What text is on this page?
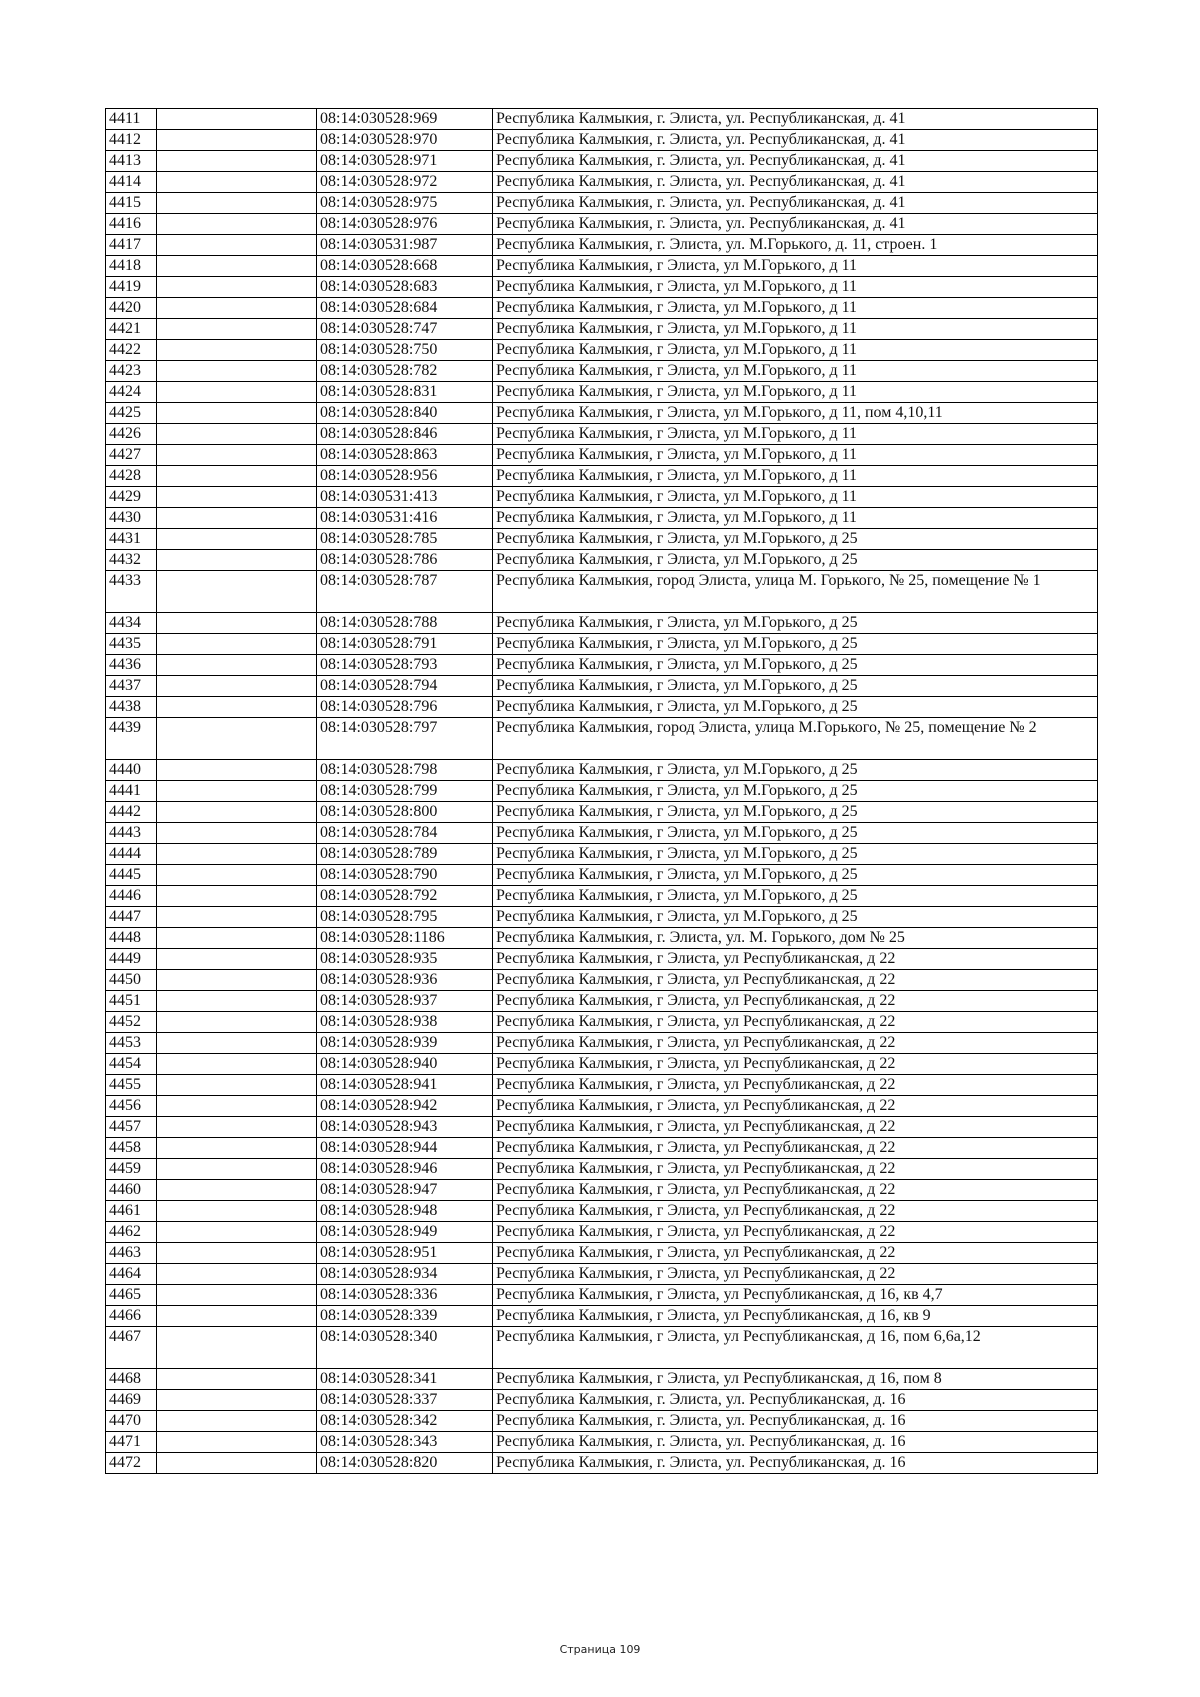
4411		08:14:030528:969	Республика Калмыкия, г. Элиста, ул. Республиканская, д. 41
4412		08:14:030528:970	Республика Калмыкия, г. Элиста, ул. Республиканская, д. 41
4413		08:14:030528:971	Республика Калмыкия, г. Элиста, ул. Республиканская, д. 41
4414		08:14:030528:972	Республика Калмыкия, г. Элиста, ул. Республиканская, д. 41
4415		08:14:030528:975	Республика Калмыкия, г. Элиста, ул. Республиканская, д. 41
4416		08:14:030528:976	Республика Калмыкия, г. Элиста, ул. Республиканская, д. 41
4417		08:14:030531:987	Республика Калмыкия, г. Элиста, ул. М.Горького, д. 11, строен. 1
4418		08:14:030528:668	Республика Калмыкия, г Элиста, ул М.Горького, д 11
4419		08:14:030528:683	Республика Калмыкия, г Элиста, ул М.Горького, д 11
4420		08:14:030528:684	Республика Калмыкия, г Элиста, ул М.Горького, д 11
4421		08:14:030528:747	Республика Калмыкия, г Элиста, ул М.Горького, д 11
4422		08:14:030528:750	Республика Калмыкия, г Элиста, ул М.Горького, д 11
4423		08:14:030528:782	Республика Калмыкия, г Элиста, ул М.Горького, д 11
4424		08:14:030528:831	Республика Калмыкия, г Элиста, ул М.Горького, д 11
4425		08:14:030528:840	Республика Калмыкия, г Элиста, ул М.Горького, д 11, пом 4,10,11
4426		08:14:030528:846	Республика Калмыкия, г Элиста, ул М.Горького, д 11
4427		08:14:030528:863	Республика Калмыкия, г Элиста, ул М.Горького, д 11
4428		08:14:030528:956	Республика Калмыкия, г Элиста, ул М.Горького, д 11
4429		08:14:030531:413	Республика Калмыкия, г Элиста, ул М.Горького, д 11
4430		08:14:030531:416	Республика Калмыкия, г Элиста, ул М.Горького, д 11
4431		08:14:030528:785	Республика Калмыкия, г Элиста, ул М.Горького, д 25
4432		08:14:030528:786	Республика Калмыкия, г Элиста, ул М.Горького, д 25
4433		08:14:030528:787	Республика Калмыкия, город Элиста, улица М. Горького, № 25, помещение № 1
4434		08:14:030528:788	Республика Калмыкия, г Элиста, ул М.Горького, д 25
4435		08:14:030528:791	Республика Калмыкия, г Элиста, ул М.Горького, д 25
4436		08:14:030528:793	Республика Калмыкия, г Элиста, ул М.Горького, д 25
4437		08:14:030528:794	Республика Калмыкия, г Элиста, ул М.Горького, д 25
4438		08:14:030528:796	Республика Калмыкия, г Элиста, ул М.Горького, д 25
4439		08:14:030528:797	Республика Калмыкия, город Элиста, улица М.Горького, № 25, помещение № 2
4440		08:14:030528:798	Республика Калмыкия, г Элиста, ул М.Горького, д 25
4441		08:14:030528:799	Республика Калмыкия, г Элиста, ул М.Горького, д 25
4442		08:14:030528:800	Республика Калмыкия, г Элиста, ул М.Горького, д 25
4443		08:14:030528:784	Республика Калмыкия, г Элиста, ул М.Горького, д 25
4444		08:14:030528:789	Республика Калмыкия, г Элиста, ул М.Горького, д 25
4445		08:14:030528:790	Республика Калмыкия, г Элиста, ул М.Горького, д 25
4446		08:14:030528:792	Республика Калмыкия, г Элиста, ул М.Горького, д 25
4447		08:14:030528:795	Республика Калмыкия, г Элиста, ул М.Горького, д 25
4448		08:14:030528:1186	Республика Калмыкия, г. Элиста, ул. М. Горького, дом № 25
4449		08:14:030528:935	Республика Калмыкия, г Элиста, ул Республиканская, д 22
4450		08:14:030528:936	Республика Калмыкия, г Элиста, ул Республиканская, д 22
4451		08:14:030528:937	Республика Калмыкия, г Элиста, ул Республиканская, д 22
4452		08:14:030528:938	Республика Калмыкия, г Элиста, ул Республиканская, д 22
4453		08:14:030528:939	Республика Калмыкия, г Элиста, ул Республиканская, д 22
4454		08:14:030528:940	Республика Калмыкия, г Элиста, ул Республиканская, д 22
4455		08:14:030528:941	Республика Калмыкия, г Элиста, ул Республиканская, д 22
4456		08:14:030528:942	Республика Калмыкия, г Элиста, ул Республиканская, д 22
4457		08:14:030528:943	Республика Калмыкия, г Элиста, ул Республиканская, д 22
4458		08:14:030528:944	Республика Калмыкия, г Элиста, ул Республиканская, д 22
4459		08:14:030528:946	Республика Калмыкия, г Элиста, ул Республиканская, д 22
4460		08:14:030528:947	Республика Калмыкия, г Элиста, ул Республиканская, д 22
4461		08:14:030528:948	Республика Калмыкия, г Элиста, ул Республиканская, д 22
4462		08:14:030528:949	Республика Калмыкия, г Элиста, ул Республиканская, д 22
4463		08:14:030528:951	Республика Калмыкия, г Элиста, ул Республиканская, д 22
4464		08:14:030528:934	Республика Калмыкия, г Элиста, ул Республиканская, д 22
4465		08:14:030528:336	Республика Калмыкия, г Элиста, ул Республиканская, д 16, кв 4,7
4466		08:14:030528:339	Республика Калмыкия, г Элиста, ул Республиканская, д 16, кв 9
4467		08:14:030528:340	Республика Калмыкия, г Элиста, ул Республиканская, д 16, пом 6,6а,12
4468		08:14:030528:341	Республика Калмыкия, г Элиста, ул Республиканская, д 16, пом 8
4469		08:14:030528:337	Республика Калмыкия, г. Элиста, ул. Республиканская, д. 16
4470		08:14:030528:342	Республика Калмыкия, г. Элиста, ул. Республиканская, д. 16
4471		08:14:030528:343	Республика Калмыкия, г. Элиста, ул. Республиканская, д. 16
4472		08:14:030528:820	Республика Калмыкия, г. Элиста, ул. Республиканская, д. 16
Страница 109
